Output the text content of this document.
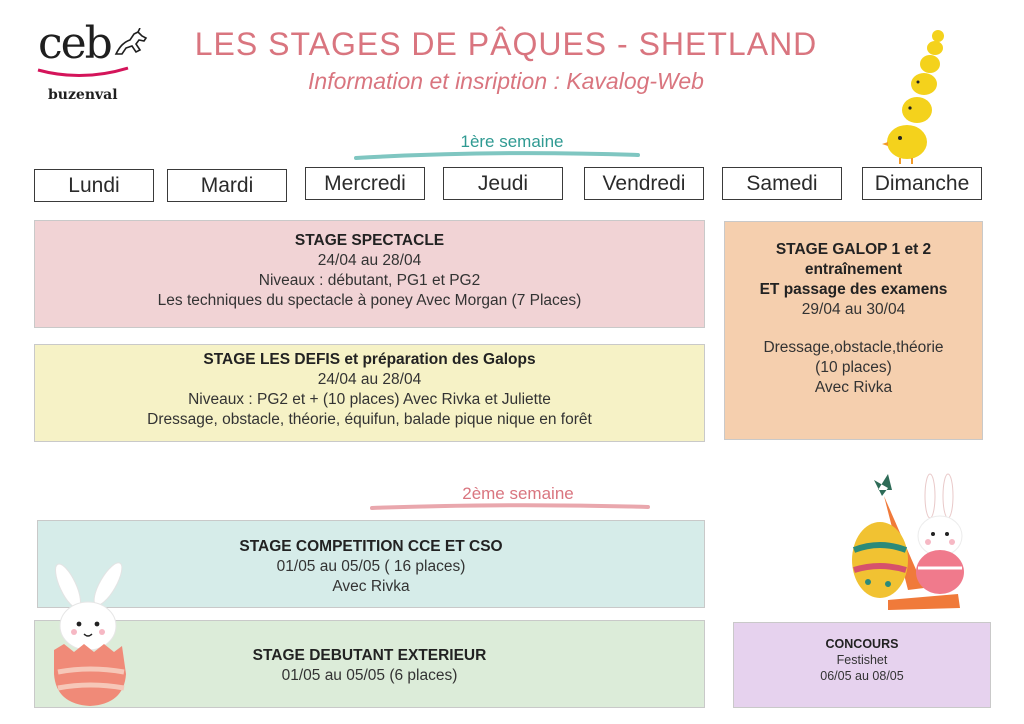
ceb
buzenval
LES STAGES DE PÂQUES - SHETLAND
Information et insription : Kavalog-Web
1ère semaine
Lundi	Mardi	Mercredi	Jeudi	Vendredi	Samedi	Dimanche
STAGE SPECTACLE
24/04 au 28/04
Niveaux : débutant, PG1 et PG2
Les techniques du spectacle à poney Avec Morgan (7 Places)
STAGE LES DEFIS et préparation des Galops
24/04 au 28/04
Niveaux : PG2 et + (10 places) Avec Rivka et Juliette
Dressage, obstacle, théorie, équifun, balade pique nique en forêt
STAGE GALOP 1 et 2
entraînement
ET passage des examens
29/04 au 30/04
Dressage,obstacle,théorie
(10 places)
Avec Rivka
2ème semaine
STAGE COMPETITION CCE ET CSO
01/05 au 05/05 ( 16 places)
Avec Rivka
STAGE DEBUTANT EXTERIEUR
01/05 au 05/05 (6 places)
CONCOURS
Festishet
06/05 au 08/05
